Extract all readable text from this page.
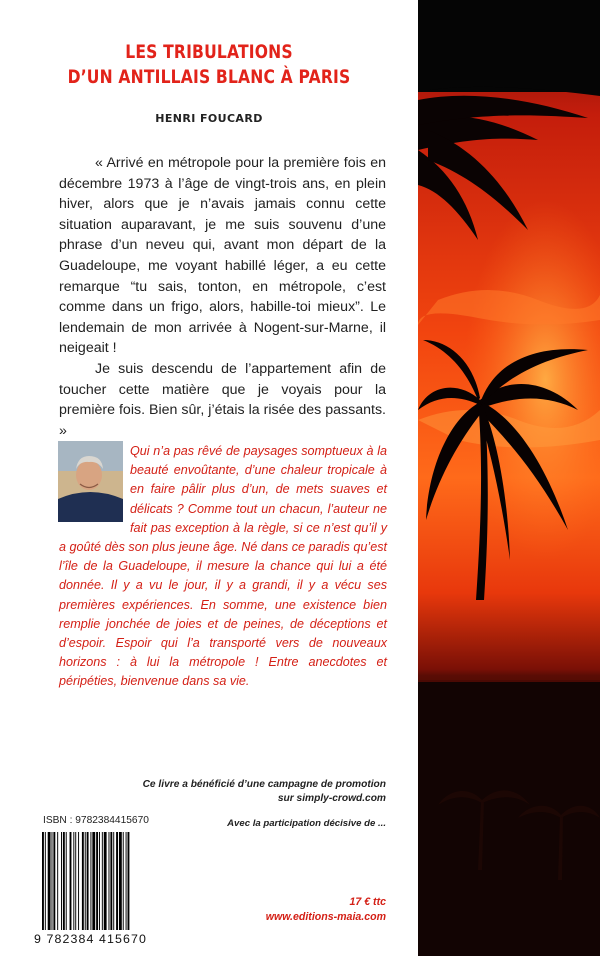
LES TRIBULATIONS
D’UN ANTILLAIS BLANC À PARIS
HENRI FOUCARD

« Arrivé en métropole pour la première fois en décembre 1973 à l’âge de vingt-trois ans, en plein hiver, alors que je n’avais jamais connu cette situation auparavant, je me suis souvenu d’une phrase d’un neveu qui, avant mon départ de la Guadeloupe, me voyant habillé léger, a eu cette remarque “tu sais, tonton, en métropole, c’est comme dans un frigo, alors, habille-toi mieux”. Le lendemain de mon arrivée à Nogent-sur-Marne, il neigeait !

Je suis descendu de l’appartement afin de toucher cette matière que je voyais pour la première fois. Bien sûr, j’étais la risée des passants. »

Qui n’a pas rêvé de paysages somptueux à la beauté envoûtante, d’une chaleur tropicale à en faire pâlir plus d’un, de mets suaves et délicats ? Comme tout un chacun, l’auteur ne fait pas exception à la règle, si ce n’est qu’il y a goûté dès son plus jeune âge. Né dans ce paradis qu’est l’île de la Guadeloupe, il mesure la chance qui lui a été donnée. Il y a vu le jour, il y a grandi, il y a vécu ses premières expériences. En somme, une existence bien remplie jonchée de joies et de peines, de déceptions et d’espoir. Espoir qui l’a transporté vers de nouveaux horizons : à lui la métropole ! Entre anecdotes et péripéties, bienvenue dans sa vie.
Ce livre a bénéficié d’une campagne de promotion
sur simply-crowd.com
ISBN : 9782384415670	Avec la participation décisive de ...
9 782384 415670
17 € ttc
www.editions-maia.com
